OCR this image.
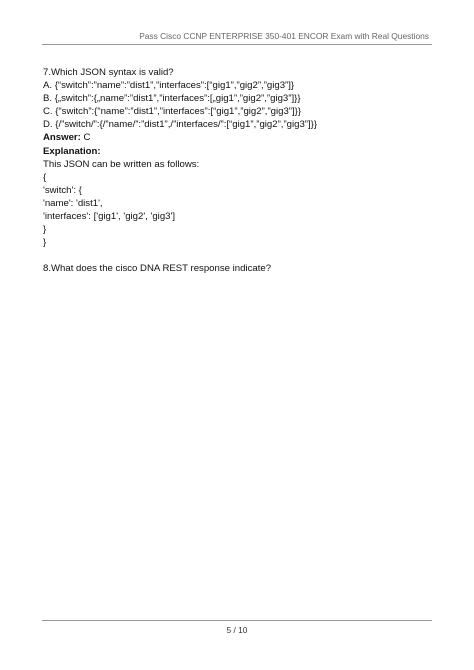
Pass Cisco CCNP ENTERPRISE 350-401 ENCOR Exam with Real Questions

7.Which JSON syntax is valid?

A. {“switch”:”name”:”dist1”,”interfaces”:[“gig1”,”gig2”,”gig3”]}

B. {„switch”:{„name”:”dist1”,”interfaces”:[„gig1”,”gig2”,”gig3”]}}

C. {“switch”:{“name”:”dist1”,”interfaces”:[“gig1”,”gig2”,”gig3”]}}

D. {/”switch/”:{/”name/”:”dist1”,/”interfaces/”:[“gig1”,”gig2”,”gig3”]}}

Answer: C

Explanation:

This JSON can be written as follows:

{

'switch': {

'name': 'dist1',

'interfaces': ['gig1', 'gig2', 'gig3']

}

}

8.What does the cisco DNA REST response indicate?

5 / 10
